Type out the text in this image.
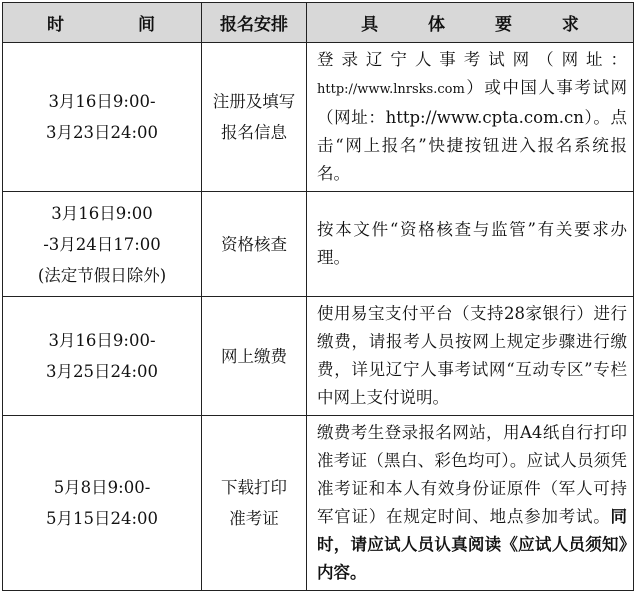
时 间	报名安排	具 体 要 求

3月16日9:00-
3月23日24:00	注册及填写
报名信息	登录辽宁人事考试网（网址：http://www.lnrsks.com）或中国人事考试网（网址：http://www.cpta.com.cn）。点击“网上报名”快捷按钮进入报名系统报名。

3月16日9:00
-3月24日17:00
(法定节假日除外)	资格核查	按本文件“资格核查与监管”有关要求办理。

3月16日9:00-
3月25日24:00	网上缴费	使用易宝支付平台（支持28家银行）进行缴费，请报考人员按网上规定步骤进行缴费，详见辽宁人事考试网“互动专区”专栏中网上支付说明。

5月8日9:00-
5月15日24:00	下载打印
准考证	缴费考生登录报名网站，用A4纸自行打印准考证（黑白、彩色均可）。应试人员须凭准考证和本人有效身份证原件（军人可持军官证）在规定时间、地点参加考试。同时，请应试人员认真阅读《应试人员须知》内容。
